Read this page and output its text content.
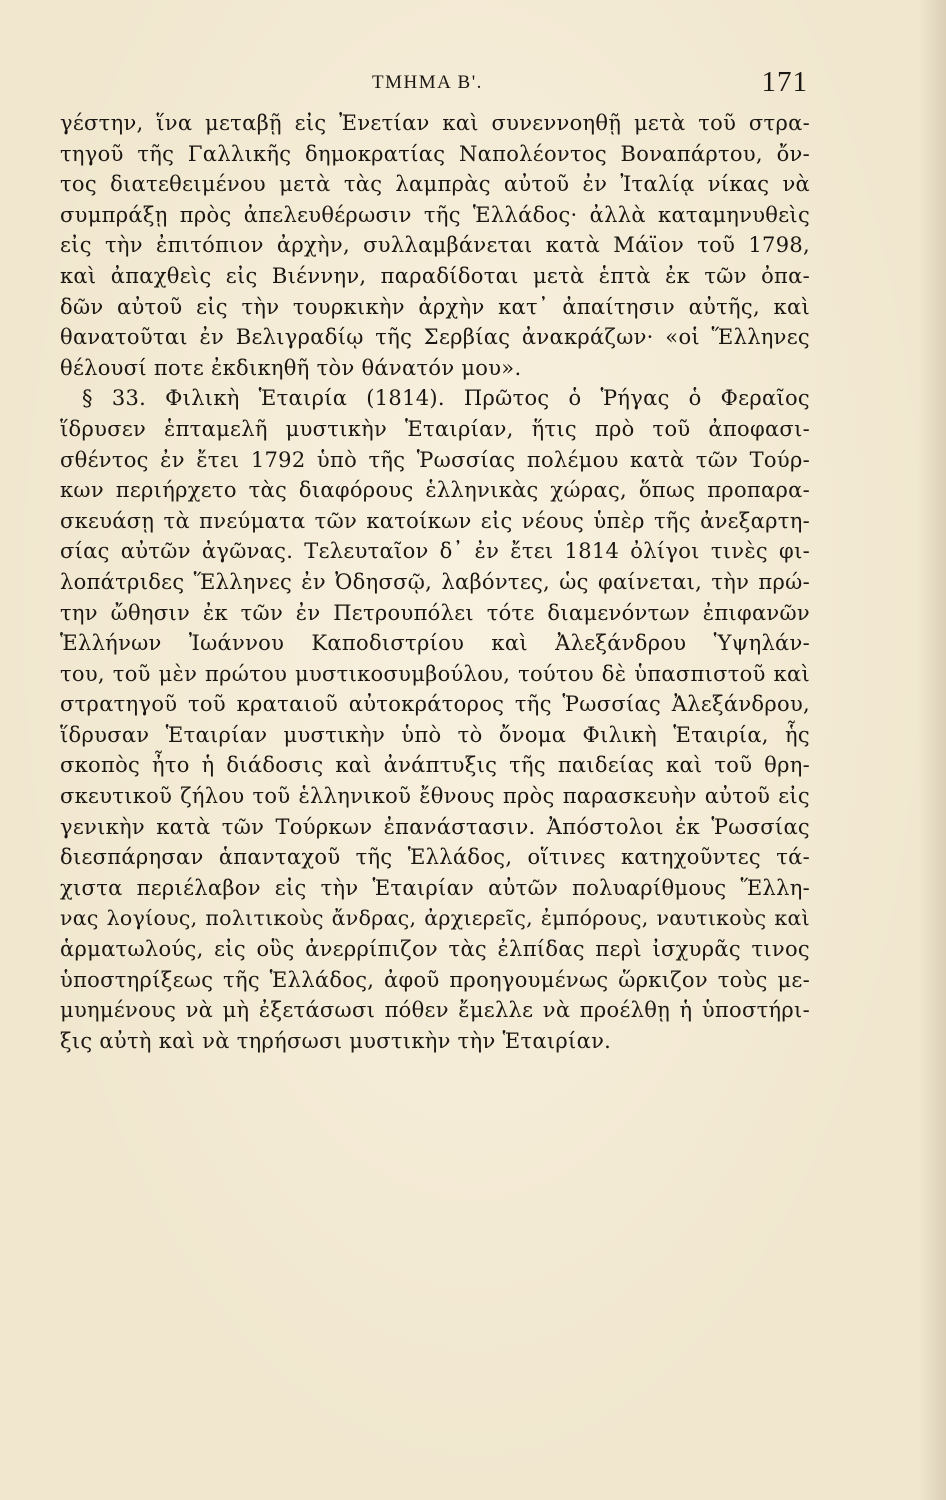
ΤΜΗΜΑ Β'.	171
γέστην, ἵνα μεταβῇ εἰς Ἐνετίαν καὶ συνεννοηθῇ μετὰ τοῦ στρα-
τηγοῦ τῆς Γαλλικῆς δημοκρατίας Ναπολέοντος Βοναπάρτου, ὄν-
τος διατεθειμένου μετὰ τὰς λαμπρὰς αὐτοῦ ἐν Ἰταλίᾳ νίκας νὰ
συμπράξῃ πρὸς ἀπελευθέρωσιν τῆς Ἑλλάδος· ἀλλὰ καταμηνυθεὶς
εἰς τὴν ἐπιτόπιον ἀρχὴν, συλλαμβάνεται κατὰ Μάϊον τοῦ 1798,
καὶ ἀπαχθεὶς εἰς Βιέννην, παραδίδοται μετὰ ἑπτὰ ἐκ τῶν ὀπα-
δῶν αὐτοῦ εἰς τὴν τουρκικὴν ἀρχὴν κατ᾽ ἀπαίτησιν αὐτῆς, καὶ
θανατοῦται ἐν Βελιγραδίῳ τῆς Σερβίας ἀνακράζων· «οἱ Ἕλληνες
θέλουσί ποτε ἐκδικηθῆ τὸν θάνατόν μου».
§ 33. Φιλικὴ Ἑταιρία (1814). Πρῶτος ὁ Ῥήγας ὁ Φεραῖος
ἵδρυσεν ἑπταμελῆ μυστικὴν Ἑταιρίαν, ἥτις πρὸ τοῦ ἀποφασι-
σθέντος ἐν ἔτει 1792 ὑπὸ τῆς Ῥωσσίας πολέμου κατὰ τῶν Τούρ-
κων περιήρχετο τὰς διαφόρους ἑλληνικὰς χώρας, ὅπως προπαρα-
σκευάσῃ τὰ πνεύματα τῶν κατοίκων εἰς νέους ὑπὲρ τῆς ἀνεξαρτη-
σίας αὐτῶν ἀγῶνας. Τελευταῖον δ᾽ ἐν ἔτει 1814 ὀλίγοι τινὲς φι-
λοπάτριδες Ἕλληνες ἐν Ὀδησσῷ, λαβόντες, ὡς φαίνεται, τὴν πρώ-
την ὤθησιν ἐκ τῶν ἐν Πετρουπόλει τότε διαμενόντων ἐπιφανῶν
Ἑλλήνων Ἰωάννου Καποδιστρίου καὶ Ἀλεξάνδρου Ὑψηλάν-
του, τοῦ μὲν πρώτου μυστικοσυμβούλου, τούτου δὲ ὑπασπιστοῦ καὶ
στρατηγοῦ τοῦ κραταιοῦ αὐτοκράτορος τῆς Ῥωσσίας Ἀλεξάνδρου,
ἵδρυσαν Ἑταιρίαν μυστικὴν ὑπὸ τὸ ὄνομα Φιλικὴ Ἑταιρία, ἧς
σκοπὸς ἦτο ἡ διάδοσις καὶ ἀνάπτυξις τῆς παιδείας καὶ τοῦ θρη-
σκευτικοῦ ζήλου τοῦ ἑλληνικοῦ ἔθνους πρὸς παρασκευὴν αὐτοῦ εἰς
γενικὴν κατὰ τῶν Τούρκων ἐπανάστασιν. Ἀπόστολοι ἐκ Ῥωσσίας
διεσπάρησαν ἁπανταχοῦ τῆς Ἑλλάδος, οἵτινες κατηχοῦντες τά-
χιστα περιέλαβον εἰς τὴν Ἑταιρίαν αὐτῶν πολυαρίθμους Ἕλλη-
νας λογίους, πολιτικοὺς ἄνδρας, ἀρχιερεῖς, ἐμπόρους, ναυτικοὺς καὶ
ἁρματωλούς, εἰς οὓς ἀνερρίπιζον τὰς ἐλπίδας περὶ ἰσχυρᾶς τινος
ὑποστηρίξεως τῆς Ἑλλάδος, ἀφοῦ προηγουμένως ὥρκιζον τοὺς με-
μυημένους νὰ μὴ ἐξετάσωσι πόθεν ἔμελλε νὰ προέλθῃ ἡ ὑποστήρι-
ξις αὐτὴ καὶ νὰ τηρήσωσι μυστικὴν τὴν Ἑταιρίαν.
